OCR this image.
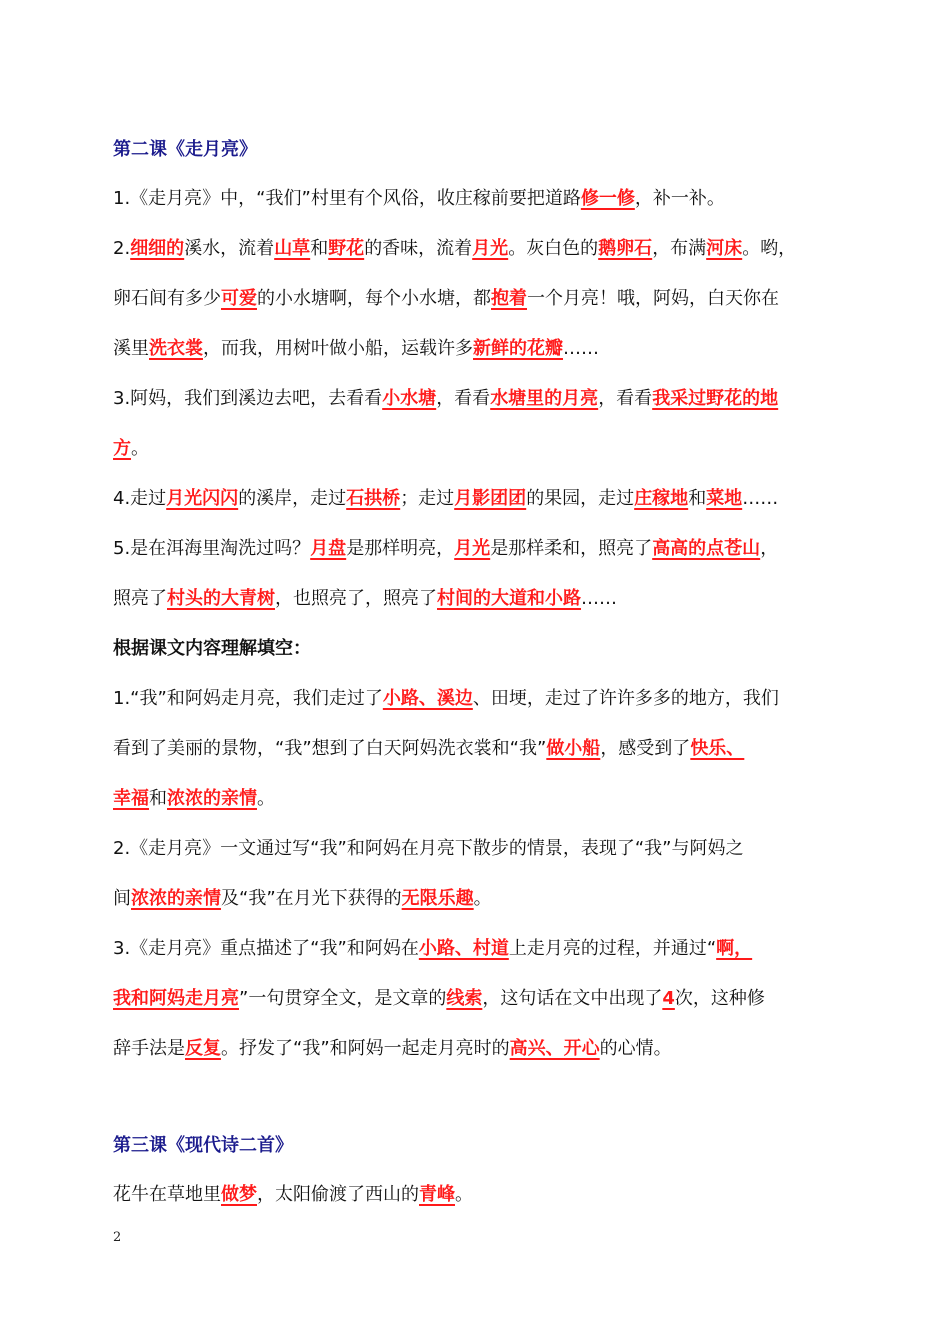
第二课《走月亮》
1.《走月亮》中，“我们”村里有个风俗，收庄稼前要把道路修一修，补一补。
2.细细的溪水，流着山草和野花的香味，流着月光。灰白色的鹅卵石，布满河床。哟，
卵石间有多少可爱的小水塘啊，每个小水塘，都抱着一个月亮！哦，阿妈，白天你在
溪里洗衣裳，而我，用树叶做小船，运载许多新鲜的花瓣……
3.阿妈，我们到溪边去吧，去看看小水塘，看看水塘里的月亮，看看我采过野花的地
方。
4.走过月光闪闪的溪岸，走过石拱桥；走过月影团团的果园，走过庄稼地和菜地……
5.是在洱海里淘洗过吗？月盘是那样明亮，月光是那样柔和，照亮了高高的点苍山，
照亮了村头的大青树，也照亮了，照亮了村间的大道和小路……
根据课文内容理解填空：
1.“我”和阿妈走月亮，我们走过了小路、溪边、田埂，走过了许许多多的地方，我们
看到了美丽的景物，“我”想到了白天阿妈洗衣裳和“我”做小船，感受到了快乐、
幸福和浓浓的亲情。
2.《走月亮》一文通过写“我”和阿妈在月亮下散步的情景，表现了“我”与阿妈之
间浓浓的亲情及“我”在月光下获得的无限乐趣。
3.《走月亮》重点描述了“我”和阿妈在小路、村道上走月亮的过程，并通过“啊，
我和阿妈走月亮”一句贯穿全文，是文章的线索，这句话在文中出现了4次，这种修
辞手法是反复。抒发了“我”和阿妈一起走月亮时的高兴、开心的心情。
第三课《现代诗二首》
花牛在草地里做梦，太阳偷渡了西山的青峰。
2
